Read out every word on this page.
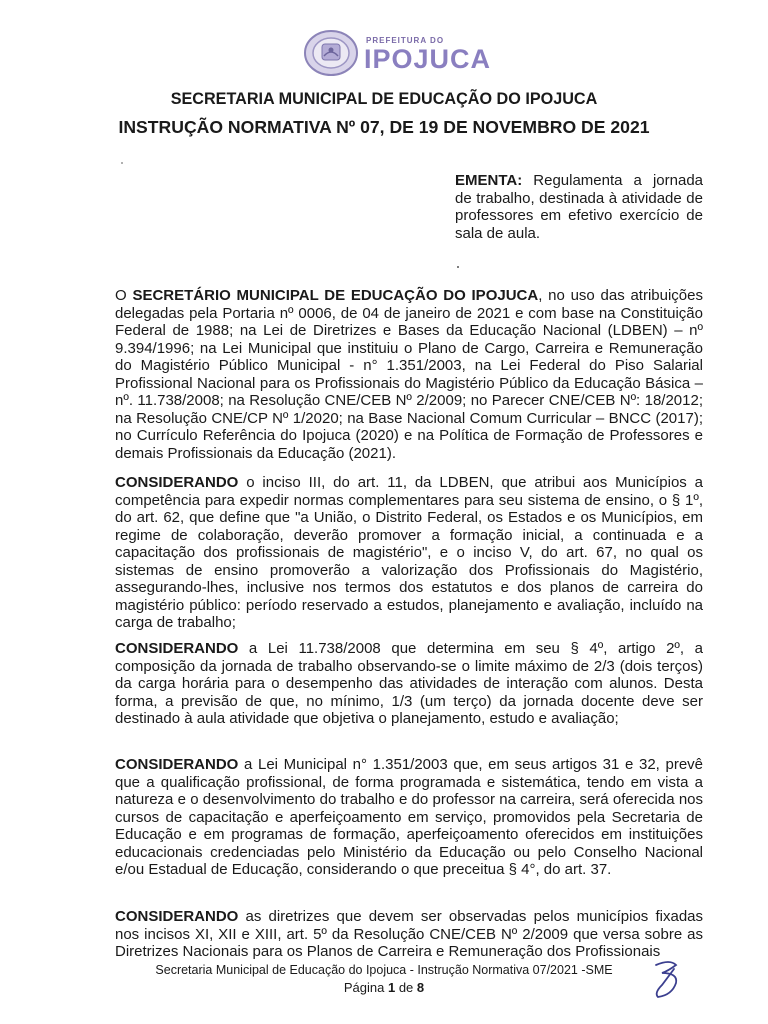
PREFEITURA DO
IPOJUCA
SECRETARIA MUNICIPAL DE EDUCAÇÃO DO IPOJUCA
INSTRUÇÃO NORMATIVA Nº 07, DE 19 DE NOVEMBRO DE 2021
EMENTA: Regulamenta a jornada de trabalho, destinada à atividade de professores em efetivo exercício de sala de aula.
O SECRETÁRIO MUNICIPAL DE EDUCAÇÃO DO IPOJUCA, no uso das atribuições delegadas pela Portaria nº 0006, de 04 de janeiro de 2021 e com base na Constituição Federal de 1988; na Lei de Diretrizes e Bases da Educação Nacional (LDBEN) – nº 9.394/1996; na Lei Municipal que instituiu o Plano de Cargo, Carreira e Remuneração do Magistério Público Municipal - n° 1.351/2003, na Lei Federal do Piso Salarial Profissional Nacional para os Profissionais do Magistério Público da Educação Básica – nº. 11.738/2008; na Resolução CNE/CEB Nº 2/2009; no Parecer CNE/CEB Nº: 18/2012; na Resolução CNE/CP Nº 1/2020; na Base Nacional Comum Curricular – BNCC (2017); no Currículo Referência do Ipojuca (2020) e na Política de Formação de Professores e demais Profissionais da Educação (2021).
CONSIDERANDO o inciso III, do art. 11, da LDBEN, que atribui aos Municípios a competência para expedir normas complementares para seu sistema de ensino, o § 1º, do art. 62, que define que "a União, o Distrito Federal, os Estados e os Municípios, em regime de colaboração, deverão promover a formação inicial, a continuada e a capacitação dos profissionais de magistério", e o inciso V, do art. 67, no qual os sistemas de ensino promoverão a valorização dos Profissionais do Magistério, assegurando-lhes, inclusive nos termos dos estatutos e dos planos de carreira do magistério público: período reservado a estudos, planejamento e avaliação, incluído na carga de trabalho;
CONSIDERANDO a Lei 11.738/2008 que determina em seu § 4º, artigo 2º, a composição da jornada de trabalho observando-se o limite máximo de 2/3 (dois terços) da carga horária para o desempenho das atividades de interação com alunos. Desta forma, a previsão de que, no mínimo, 1/3 (um terço) da jornada docente deve ser destinado à aula atividade que objetiva o planejamento, estudo e avaliação;
CONSIDERANDO a Lei Municipal n° 1.351/2003 que, em seus artigos 31 e 32, prevê que a qualificação profissional, de forma programada e sistemática, tendo em vista a natureza e o desenvolvimento do trabalho e do professor na carreira, será oferecida nos cursos de capacitação e aperfeiçoamento em serviço, promovidos pela Secretaria de Educação e em programas de formação, aperfeiçoamento oferecidos em instituições educacionais credenciadas pelo Ministério da Educação ou pelo Conselho Nacional e/ou Estadual de Educação, considerando o que preceitua § 4°, do art. 37.
CONSIDERANDO as diretrizes que devem ser observadas pelos municípios fixadas nos incisos XI, XII e XIII, art. 5º da Resolução CNE/CEB Nº 2/2009 que versa sobre as Diretrizes Nacionais para os Planos de Carreira e Remuneração dos Profissionais
Secretaria Municipal de Educação do Ipojuca - Instrução Normativa 07/2021 -SME
Página 1 de 8
